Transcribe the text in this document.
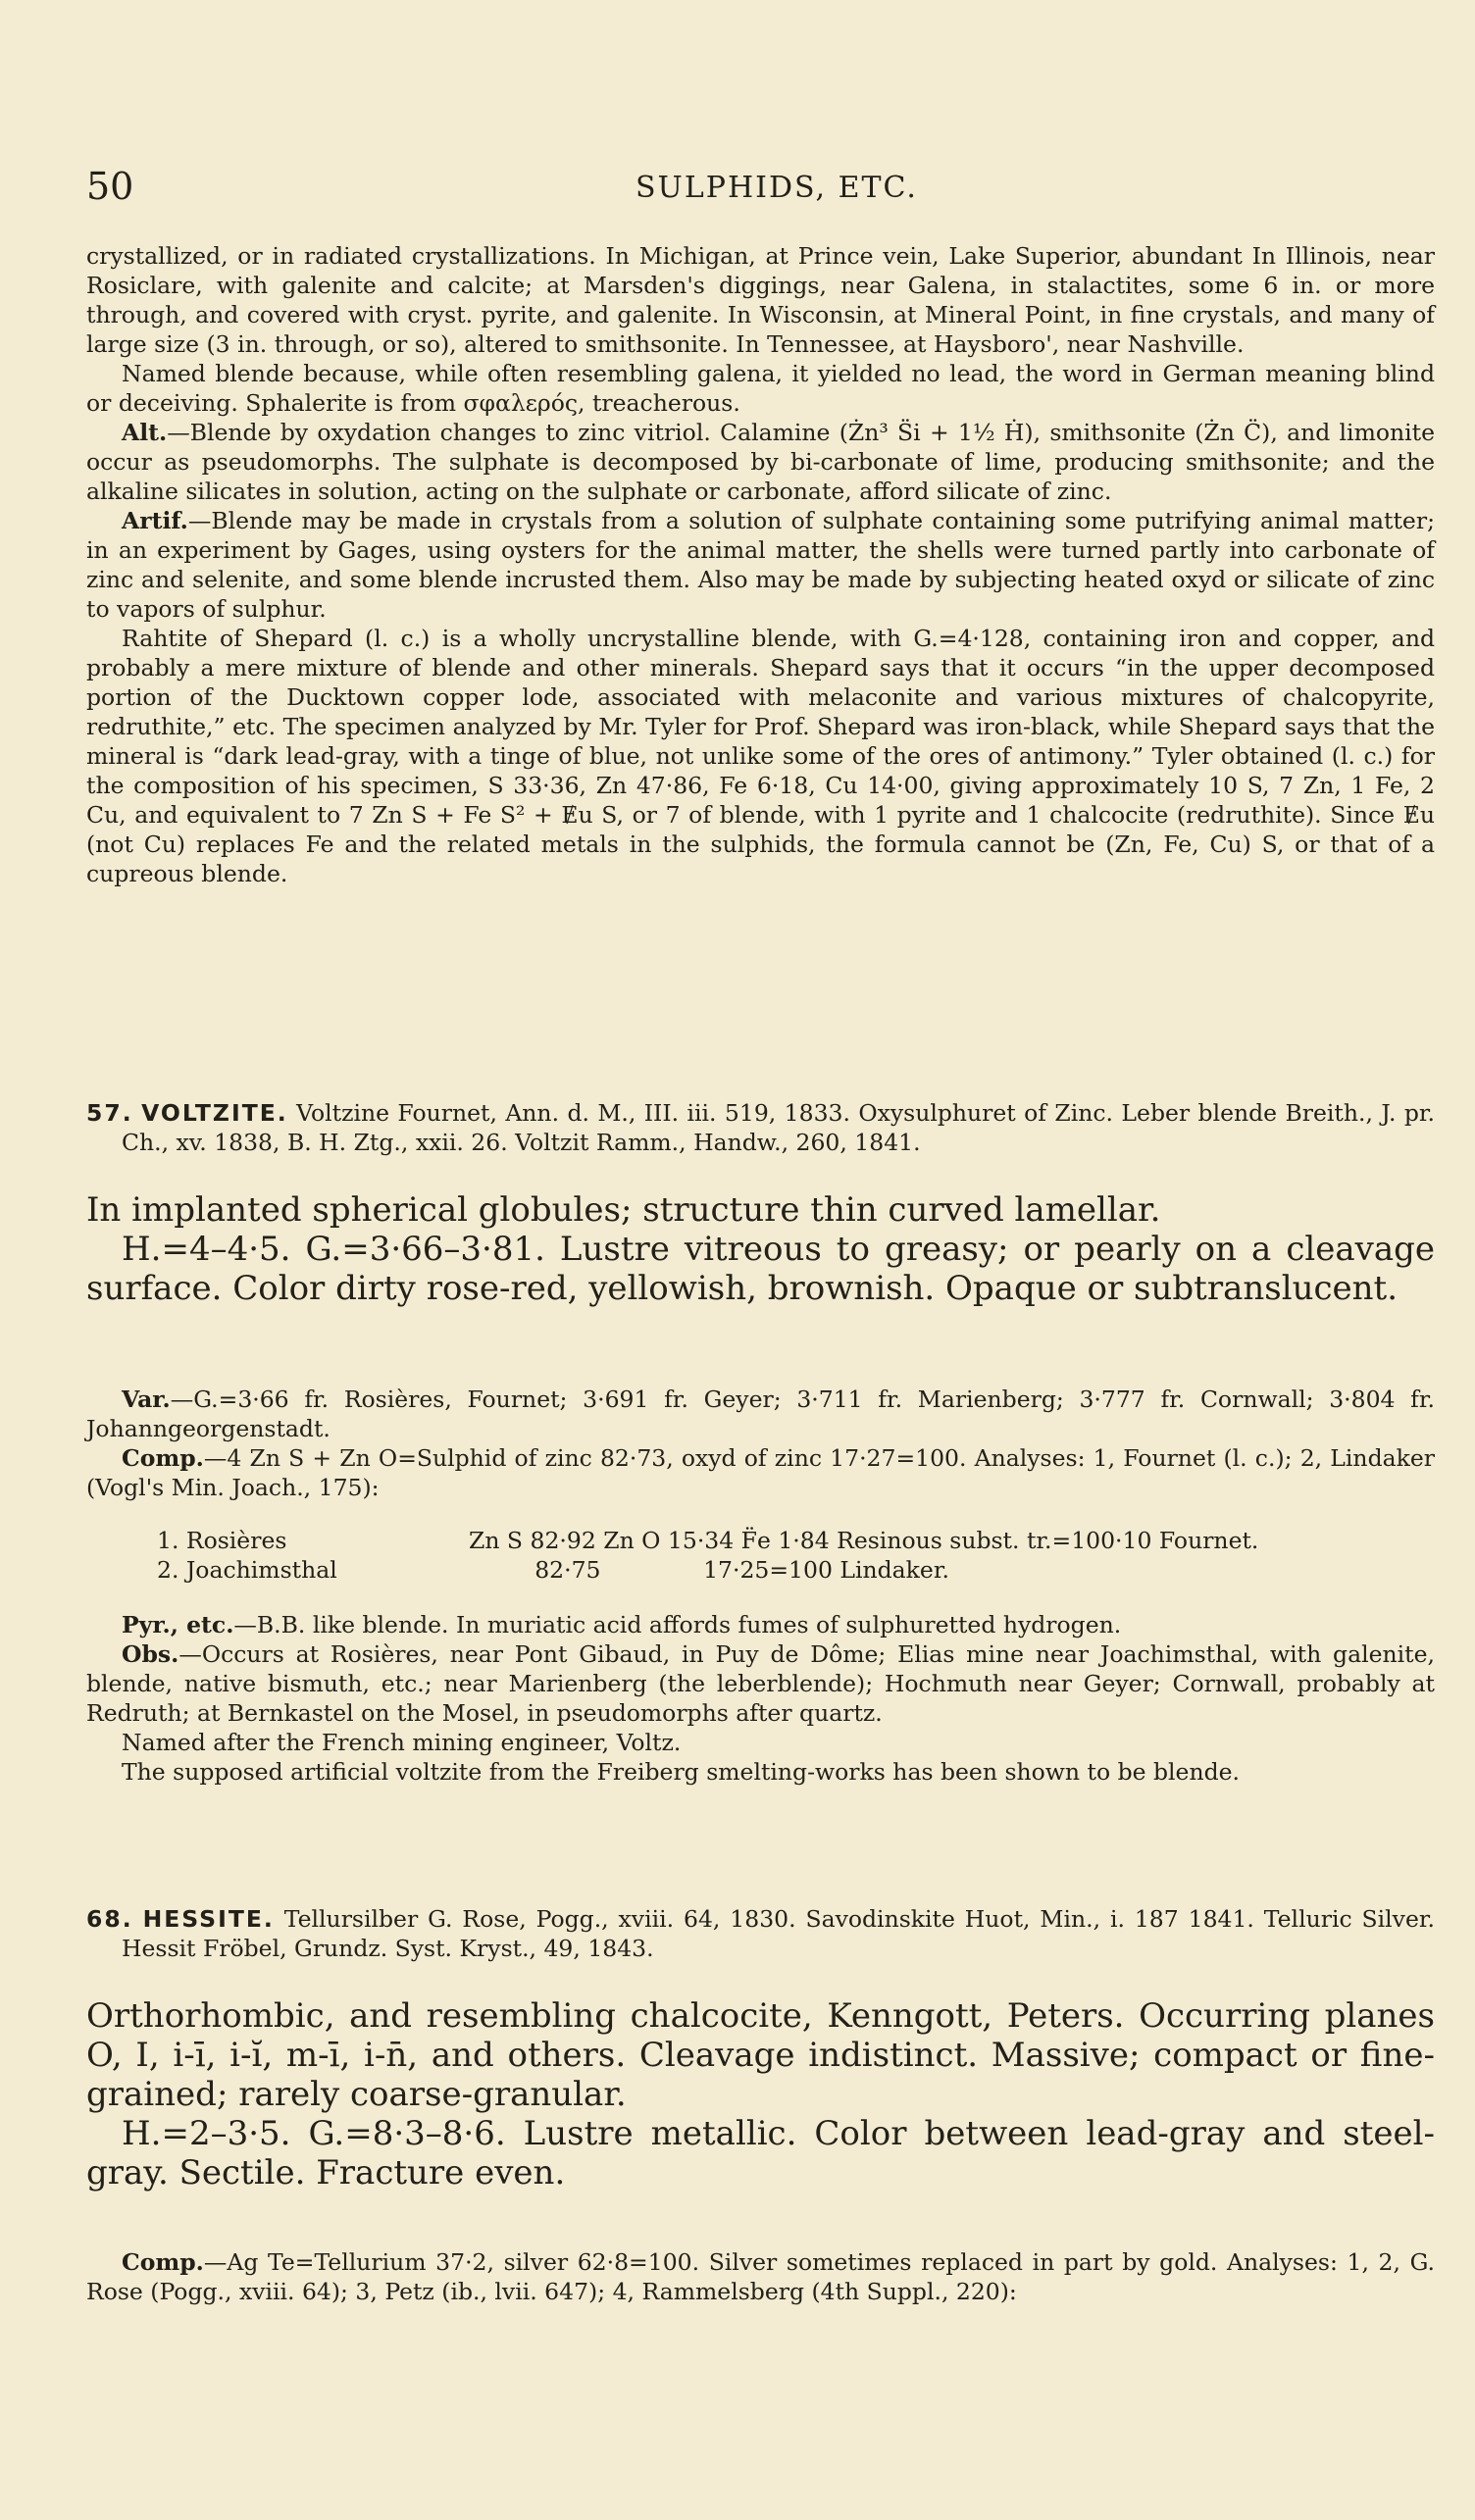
50	SULPHIDS, ETC.

crystallized, or in radiated crystallizations. In Michigan, at Prince vein, Lake Superior, abundant In Illinois, near Rosiclare, with galenite and calcite; at Marsden's diggings, near Galena, in stalactites, some 6 in. or more through, and covered with cryst. pyrite, and galenite. In Wisconsin, at Mineral Point, in fine crystals, and many of large size (3 in. through, or so), altered to smithsonite. In Tennessee, at Haysboro', near Nashville.

Named blende because, while often resembling galena, it yielded no lead, the word in German meaning blind or deceiving. Sphalerite is from σφαλερός, treacherous.

Alt.—Blende by oxydation changes to zinc vitriol. Calamine (Żn³ S̈i + 1½ Ḣ), smithsonite (Żn C̈), and limonite occur as pseudomorphs. The sulphate is decomposed by bi-carbonate of lime, producing smithsonite; and the alkaline silicates in solution, acting on the sulphate or carbonate, afford silicate of zinc.

Artif.—Blende may be made in crystals from a solution of sulphate containing some putrifying animal matter; in an experiment by Gages, using oysters for the animal matter, the shells were turned partly into carbonate of zinc and selenite, and some blende incrusted them. Also may be made by subjecting heated oxyd or silicate of zinc to vapors of sulphur.

Rahtite of Shepard (l. c.) is a wholly uncrystalline blende, with G.=4·128, containing iron and copper, and probably a mere mixture of blende and other minerals. Shepard says that it occurs “in the upper decomposed portion of the Ducktown copper lode, associated with melaconite and various mixtures of chalcopyrite, redruthite,” etc. The specimen analyzed by Mr. Tyler for Prof. Shepard was iron-black, while Shepard says that the mineral is “dark lead-gray, with a tinge of blue, not unlike some of the ores of antimony.” Tyler obtained (l. c.) for the composition of his specimen, S 33·36, Zn 47·86, Fe 6·18, Cu 14·00, giving approximately 10 S, 7 Zn, 1 Fe, 2 Cu, and equivalent to 7 Zn S + Fe S² + Ɇu S, or 7 of blende, with 1 pyrite and 1 chalcocite (redruthite). Since Ɇu (not Cu) replaces Fe and the related metals in the sulphids, the formula cannot be (Zn, Fe, Cu) S, or that of a cupreous blende.

57. VOLTZITE. Voltzine Fournet, Ann. d. M., III. iii. 519, 1833. Oxysulphuret of Zinc. Leber blende Breith., J. pr. Ch., xv. 1838, B. H. Ztg., xxii. 26. Voltzit Ramm., Handw., 260, 1841.

In implanted spherical globules; structure thin curved lamellar.

H.=4–4·5. G.=3·66–3·81. Lustre vitreous to greasy; or pearly on a cleavage surface. Color dirty rose-red, yellowish, brownish. Opaque or subtranslucent.

Var.—G.=3·66 fr. Rosières, Fournet; 3·691 fr. Geyer; 3·711 fr. Marienberg; 3·777 fr. Cornwall; 3·804 fr. Johanngeorgenstadt.

Comp.—4 Zn S + Zn O=Sulphid of zinc 82·73, oxyd of zinc 17·27=100. Analyses: 1, Fournet (l. c.); 2, Lindaker (Vogl's Min. Joach., 175):

1. Rosières	Zn S 82·92 Zn O 15·34 F̈e 1·84 Resinous subst. tr.=100·10 Fournet.
2. Joachimsthal	82·75              17·25=100 Lindaker.

Pyr., etc.—B.B. like blende. In muriatic acid affords fumes of sulphuretted hydrogen.

Obs.—Occurs at Rosières, near Pont Gibaud, in Puy de Dôme; Elias mine near Joachimsthal, with galenite, blende, native bismuth, etc.; near Marienberg (the leberblende); Hochmuth near Geyer; Cornwall, probably at Redruth; at Bernkastel on the Mosel, in pseudomorphs after quartz.

Named after the French mining engineer, Voltz.

The supposed artificial voltzite from the Freiberg smelting-works has been shown to be blende.

68. HESSITE. Tellursilber G. Rose, Pogg., xviii. 64, 1830. Savodinskite Huot, Min., i. 187 1841. Telluric Silver. Hessit Fröbel, Grundz. Syst. Kryst., 49, 1843.

Orthorhombic, and resembling chalcocite, Kenngott, Peters. Occurring planes O, I, i-ī, i-ĭ, m-ī, i-n̄, and others. Cleavage indistinct. Massive; compact or fine-grained; rarely coarse-granular.

H.=2–3·5. G.=8·3–8·6. Lustre metallic. Color between lead-gray and steel-gray. Sectile. Fracture even.

Comp.—Ag Te=Tellurium 37·2, silver 62·8=100. Silver sometimes replaced in part by gold. Analyses: 1, 2, G. Rose (Pogg., xviii. 64); 3, Petz (ib., lvii. 647); 4, Rammelsberg (4th Suppl., 220):
